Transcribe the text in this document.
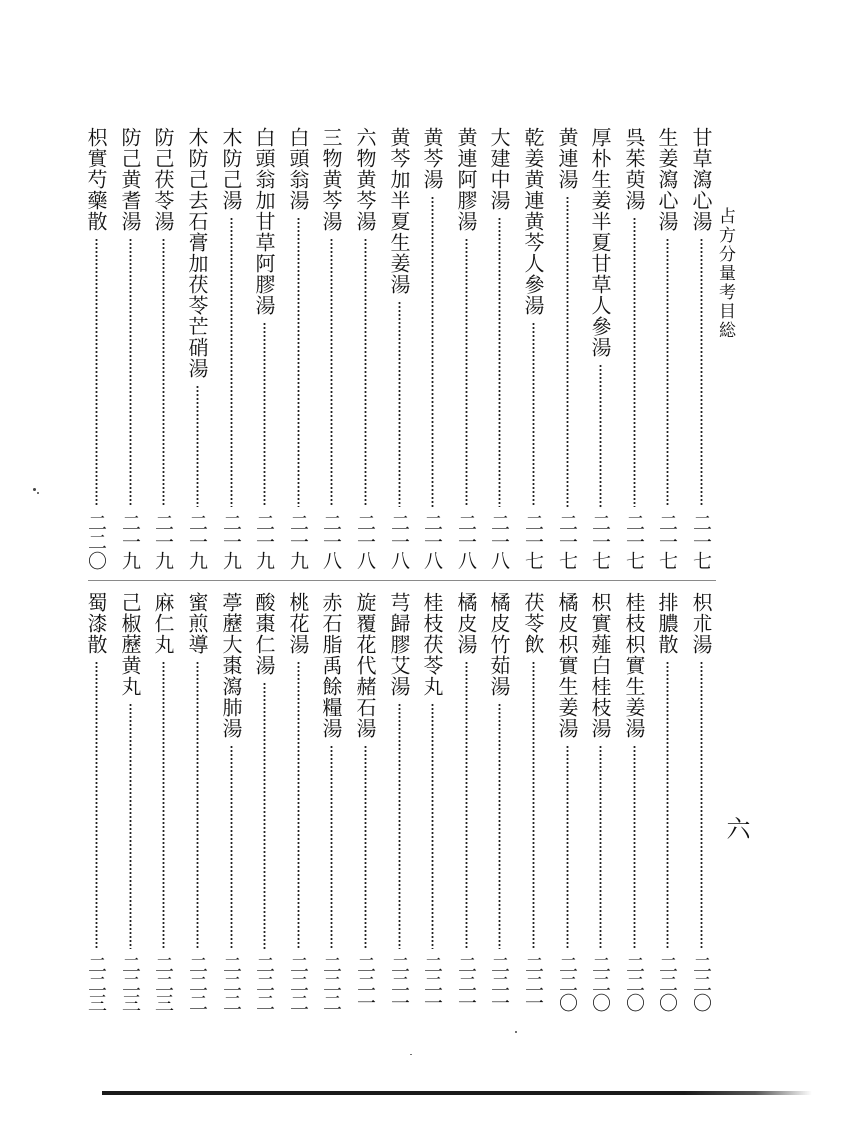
占方分量考目総
六
甘草瀉心湯
二一七
生姜瀉心湯
二一七
呉茱萸湯
二一七
厚朴生姜半夏甘草人參湯
二一七
黄連湯
二一七
乾姜黄連黄芩人參湯
二一七
大建中湯
二一八
黄連阿膠湯
二一八
黄芩湯
二一八
黄芩加半夏生姜湯
二一八
六物黄芩湯
二一八
三物黄芩湯
二一八
白頭翁湯
二一九
白頭翁加甘草阿膠湯
二一九
木防己湯
二一九
木防己去石膏加茯苓芒硝湯
二一九
防己茯苓湯
二一九
防己黄耆湯
二一九
枳實芍藥散
二二〇
枳朮湯
二二〇
排膿散
二二〇
桂枝枳實生姜湯
二二〇
枳實薤白桂枝湯
二二〇
橘皮枳實生姜湯
二二〇
茯苓飲
二二一
橘皮竹茹湯
二二一
橘皮湯
二二一
桂枝茯苓丸
二二一
芎歸膠艾湯
二二一
旋覆花代赭石湯
二二一
赤石脂禹餘糧湯
二二二
桃花湯
二二二
酸棗仁湯
二二二
葶藶大棗瀉肺湯
二二二
蜜煎導
二二二
麻仁丸
二二三
己椒藶黄丸
二二三
蜀漆散
二二三
